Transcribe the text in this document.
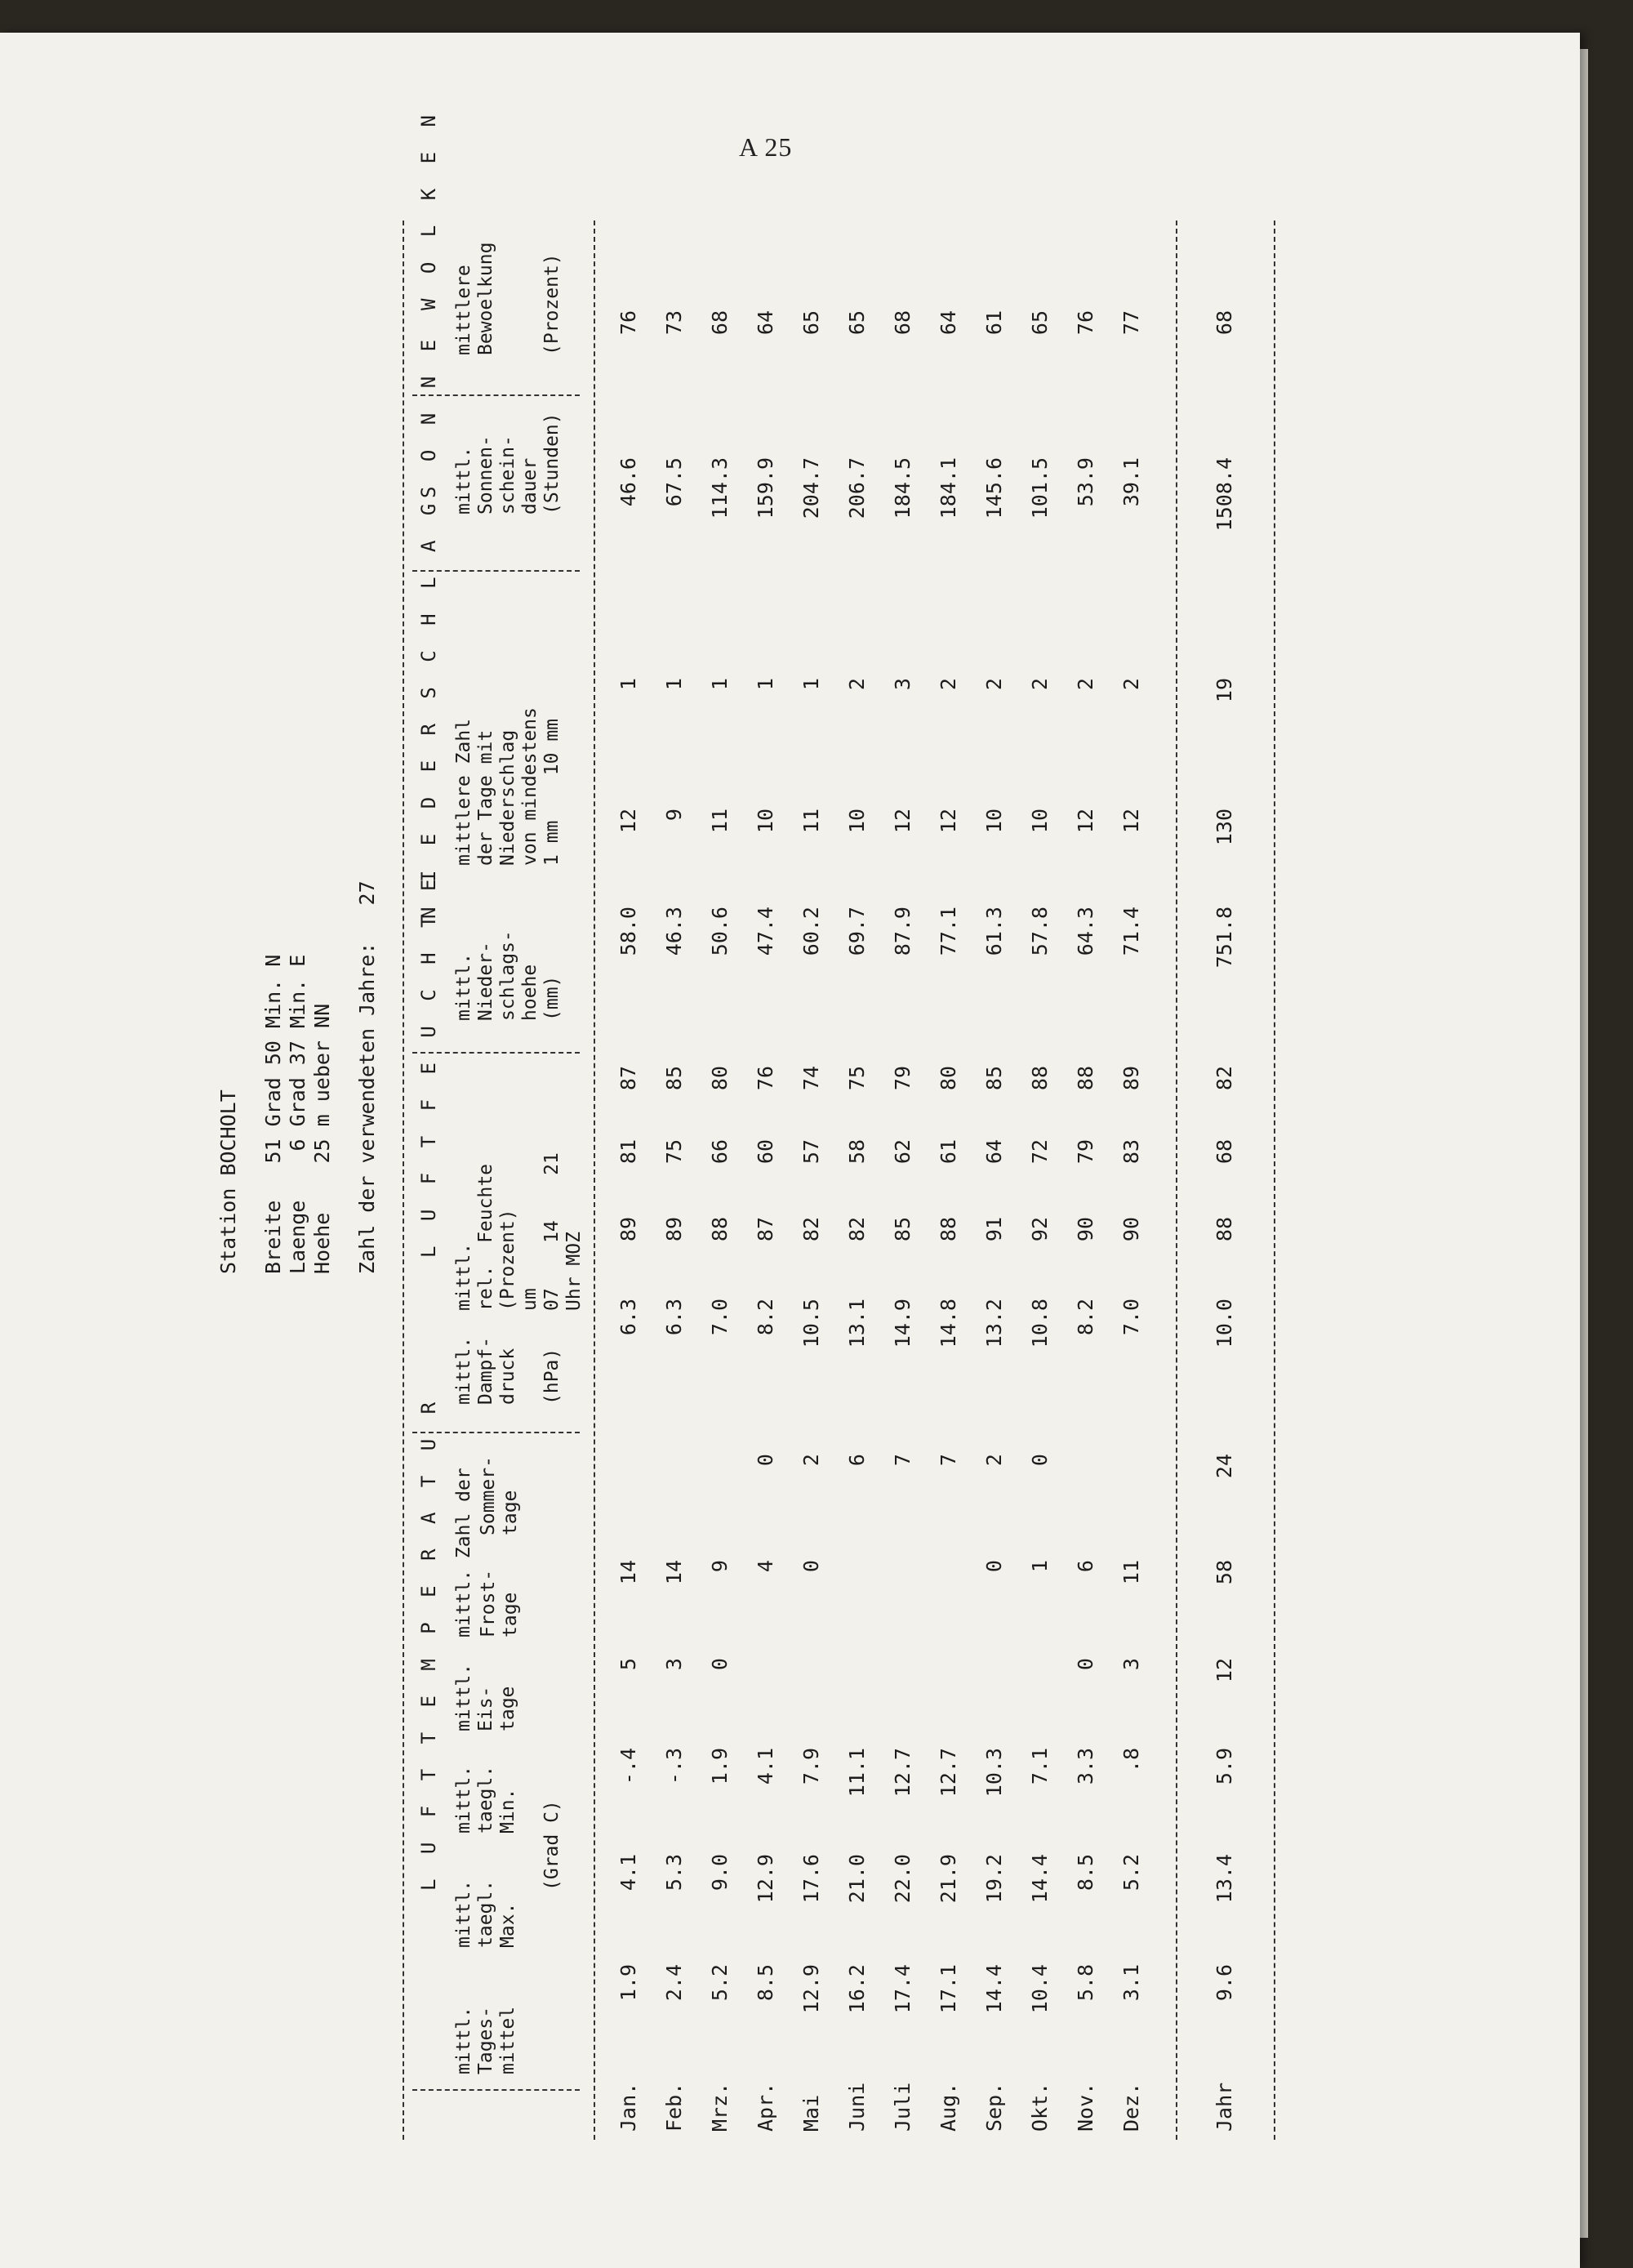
A 25
Station BOCHOLT Breite   51 Grad 50 Min. N Laenge    6 Grad 37 Min. E Hoehe    25 m ueber NN Zahl der verwendeten Jahre:   27
L U F T T E M P E R A T U R
L U F T F E U C H T E
N I E D E R S C H L A G
S O N N E
W O L K E N
mittl. Tages- mittel
mittl. taegl. Max.
mittl. taegl. Min.
mittl. Eis- tage
Frost- tage
Sommer- tage
mittl. Dampf- druck (hPa)
mittl. rel.  Feuchte (Prozent) um 07    14    21 Uhr MOZ
mittl. Nieder- schlags- hoehe (mm)
mittlere Zahl der Tage mit Niederschlag von mindestens 1 mm    10 mm
mittl. Sonnen- schein- dauer (Stunden)
mittlere Bewoelkung (Prozent)
(Grad C)
mittl. Zahl der
Jan.
1.9
4.1
-.4
5
14
6.3
89
81
87
58.0
12
1
46.6
76
Feb.
2.4
5.3
-.3
3
14
6.3
89
75
85
46.3
9
1
67.5
73
Mrz.
5.2
9.0
1.9
0
9
7.0
88
66
80
50.6
11
1
114.3
68
Apr.
8.5
12.9
4.1
4
0
8.2
87
60
76
47.4
10
1
159.9
64
Mai
12.9
17.6
7.9
0
2
10.5
82
57
74
60.2
11
1
204.7
65
Juni
16.2
21.0
11.1
6
13.1
82
58
75
69.7
10
2
206.7
65
Juli
17.4
22.0
12.7
7
14.9
85
62
79
87.9
12
3
184.5
68
Aug.
17.1
21.9
12.7
7
14.8
88
61
80
77.1
12
2
184.1
64
Sep.
14.4
19.2
10.3
0
2
13.2
91
64
85
61.3
10
2
145.6
61
Okt.
10.4
14.4
7.1
1
0
10.8
92
72
88
57.8
10
2
101.5
65
Nov.
5.8
8.5
3.3
0
6
8.2
90
79
88
64.3
12
2
53.9
76
Dez.
3.1
5.2
.8
3
11
7.0
90
83
89
71.4
12
2
39.1
77
Jahr
9.6
13.4
5.9
12
58
24
10.0
88
68
82
751.8
130
19
1508.4
68
